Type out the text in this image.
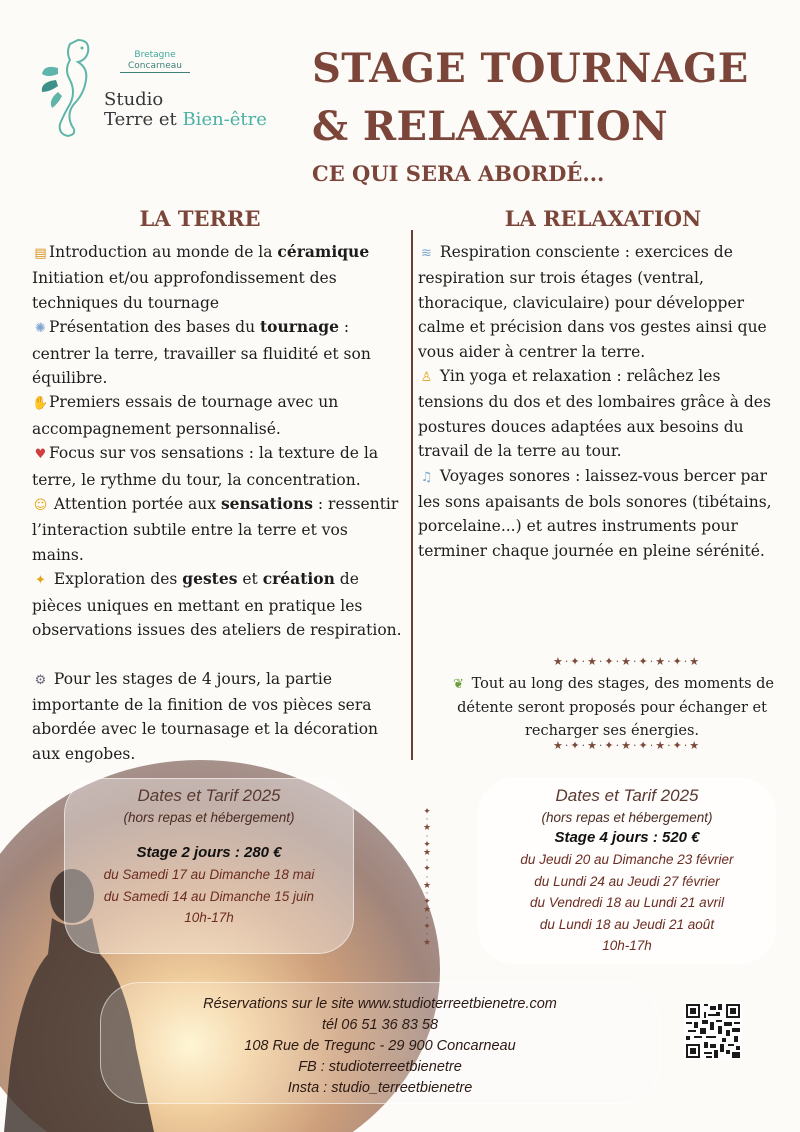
Bretagne
Concarneau
Studio
Terre et Bien-être
STAGE TOURNAGE
& RELAXATION
CE QUI SERA ABORDÉ...
LA TERRE	LA RELAXATION

▤ Introduction au monde de la céramique Initiation et/ou approfondissement des techniques du tournage

✺ Présentation des bases du tournage : centrer la terre, travailler sa fluidité et son équilibre.

✋Premiers essais de tournage avec un accompagnement personnalisé.

♥ Focus sur vos sensations : la texture de la terre, le rythme du tour, la concentration.

☺ Attention portée aux sensations : ressentir l’interaction subtile entre la terre et vos mains.

✦ Exploration des gestes et création de pièces uniques en mettant en pratique les observations issues des ateliers de respiration.

⚙ Pour les stages de 4 jours, la partie importante de la finition de vos pièces sera abordée avec le tournasage et la décoration aux engobes.

≋ Respiration consciente : exercices de respiration sur trois étages (ventral, thoracique, claviculaire) pour développer calme et précision dans vos gestes ainsi que vous aider à centrer la terre.

♙ Yin yoga et relaxation : relâchez les tensions du dos et des lombaires grâce à des postures douces adaptées aux besoins du travail de la terre au tour.

♫ Voyages sonores : laissez-vous bercer par les sons apaisants de bols sonores (tibétains, porcelaine...) et autres instruments pour terminer chaque journée en pleine sérénité.

★·✦·★·✦·★·✦·★·✦·★
❦ Tout au long des stages, des moments de détente seront proposés pour échanger et recharger ses énergies.
★·✦·★·✦·★·✦·★·✦·★
✦
·
★
·
✦
★
·
✦
·
★
·
✦
★
·
✦
·
★
Dates et Tarif 2025
(hors repas et hébergement)
Stage 2 jours : 280 €
du Samedi 17 au Dimanche 18 mai
du Samedi 14 au Dimanche 15 juin
10h-17h
Dates et Tarif 2025
(hors repas et hébergement)
Stage 4 jours : 520 €
du Jeudi 20 au Dimanche 23 février
du Lundi 24 au Jeudi 27 février
du Vendredi 18 au Lundi 21 avril
du Lundi 18 au Jeudi 21 août
10h-17h
Réservations sur le site www.studioterreetbienetre.com
tél 06 51 36 83 58
108 Rue de Tregunc - 29 900 Concarneau
FB : studioterreetbienetre
Insta : studio_terreetbienetre
